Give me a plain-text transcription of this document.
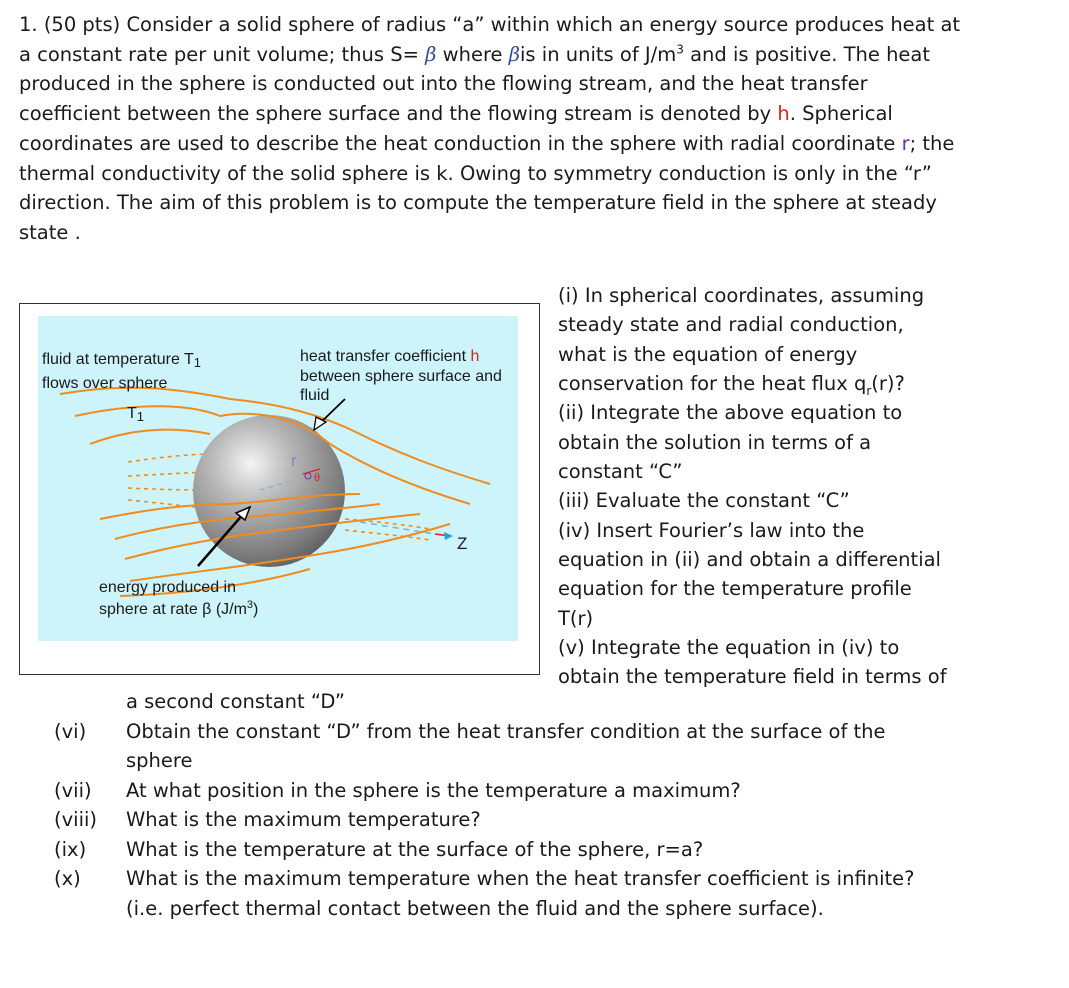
1. (50 pts) Consider a solid sphere of radius “a” within which an energy source produces heat at
a constant rate per unit volume; thus S= β where βis in units of $J/m^3$ and is positive. The heat
produced in the sphere is conducted out into the flowing stream, and the heat transfer
coefficient between the sphere surface and the flowing stream is denoted by h. Spherical
coordinates are used to describe the heat conduction in the sphere with radial coordinate r; the
thermal conductivity of the solid sphere is k. Owing to symmetry conduction is only in the “r”
direction. The aim of this problem is to compute the temperature field in the sphere at steady
state .
fluid at temperature T1
flows over sphere
T1
heat transfer coefficient h
between sphere surface and
fluid
energy produced in
sphere at rate β $(J/m^3)$
r
θ
Z
(i) In spherical coordinates, assuming
steady state and radial conduction,
what is the equation of energy
conservation for the heat flux $q_r(r)$?
(ii) Integrate the above equation to
obtain the solution in terms of a
constant “C”
(iii) Evaluate the constant “C”
(iv) Insert Fourier’s law into the
equation in (ii) and obtain a differential
equation for the temperature profile
T(r)
(v) Integrate the equation in (iv) to
obtain the temperature field in terms of
a second constant “D”
(vi) Obtain the constant “D” from the heat transfer condition at the surface of the
sphere
(vii) At what position in the sphere is the temperature a maximum?
(viii) What is the maximum temperature?
(ix) What is the temperature at the surface of the sphere, r=a?
(x) What is the maximum temperature when the heat transfer coefficient is infinite?
(i.e. perfect thermal contact between the fluid and the sphere surface).
